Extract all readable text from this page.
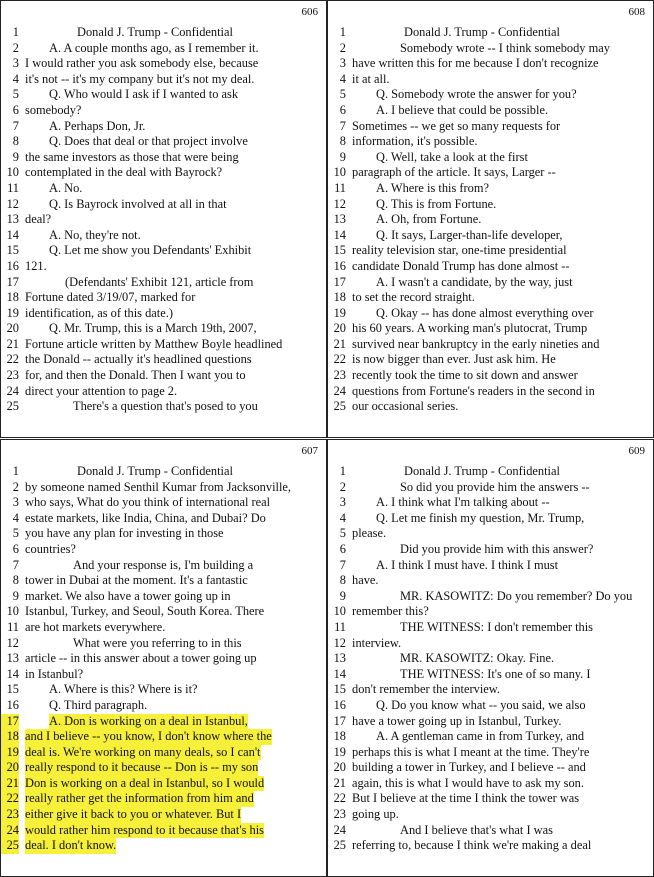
606
1	Donald J. Trump - Confidential
2 A. A couple months ago, as I remember it.
3 I would rather you ask somebody else, because
4 it's not -- it's my company but it's not my deal.
5 Q. Who would I ask if I wanted to ask
6 somebody?
7 A. Perhaps Don, Jr.
8 Q. Does that deal or that project involve
9 the same investors as those that were being
10 contemplated in the deal with Bayrock?
11 A. No.
12 Q. Is Bayrock involved at all in that
13 deal?
14 A. No, they're not.
15 Q. Let me show you Defendants' Exhibit
16 121.
17	(Defendants' Exhibit 121, article from
18 Fortune dated 3/19/07, marked for
19 identification, as of this date.)
20 Q. Mr. Trump, this is a March 19th, 2007,
21 Fortune article written by Matthew Boyle headlined
22 the Donald -- actually it's headlined questions
23 for, and then the Donald. Then I want you to
24 direct your attention to page 2.
25	There's a question that's posed to you
608
1	Donald J. Trump - Confidential
2	Somebody wrote -- I think somebody may
3 have written this for me because I don't recognize
4 it at all.
5 Q. Somebody wrote the answer for you?
6 A. I believe that could be possible.
7 Sometimes -- we get so many requests for
8 information, it's possible.
9 Q. Well, take a look at the first
10 paragraph of the article. It says, Larger --
11 A. Where is this from?
12 Q. This is from Fortune.
13 A. Oh, from Fortune.
14 Q. It says, Larger-than-life developer,
15 reality television star, one-time presidential
16 candidate Donald Trump has done almost --
17 A. I wasn't a candidate, by the way, just
18 to set the record straight.
19 Q. Okay -- has done almost everything over
20 his 60 years. A working man's plutocrat, Trump
21 survived near bankruptcy in the early nineties and
22 is now bigger than ever. Just ask him. He
23 recently took the time to sit down and answer
24 questions from Fortune's readers in the second in
25 our occasional series.
607
1	Donald J. Trump - Confidential
2 by someone named Senthil Kumar from Jacksonville,
3 who says, What do you think of international real
4 estate markets, like India, China, and Dubai? Do
5 you have any plan for investing in those
6 countries?
7	And your response is, I'm building a
8 tower in Dubai at the moment. It's a fantastic
9 market. We also have a tower going up in
10 Istanbul, Turkey, and Seoul, South Korea. There
11 are hot markets everywhere.
12	What were you referring to in this
13 article -- in this answer about a tower going up
14 in Istanbul?
15 A. Where is this? Where is it?
16 Q. Third paragraph.
17 A. Don is working on a deal in Istanbul,
18 and I believe -- you know, I don't know where the
19 deal is. We're working on many deals, so I can't
20 really respond to it because -- Don is -- my son
21 Don is working on a deal in Istanbul, so I would
22 really rather get the information from him and
23 either give it back to you or whatever. But I
24 would rather him respond to it because that's his
25 deal. I don't know.
609
1	Donald J. Trump - Confidential
2	So did you provide him the answers --
3 A. I think what I'm talking about --
4 Q. Let me finish my question, Mr. Trump,
5 please.
6	Did you provide him with this answer?
7 A. I think I must have. I think I must
8 have.
9	MR. KASOWITZ: Do you remember? Do you
10 remember this?
11	THE WITNESS: I don't remember this
12 interview.
13	MR. KASOWITZ: Okay. Fine.
14	THE WITNESS: It's one of so many. I
15 don't remember the interview.
16 Q. Do you know what -- you said, we also
17 have a tower going up in Istanbul, Turkey.
18 A. A gentleman came in from Turkey, and
19 perhaps this is what I meant at the time. They're
20 building a tower in Turkey, and I believe -- and
21 again, this is what I would have to ask my son.
22 But I believe at the time I think the tower was
23 going up.
24	And I believe that's what I was
25 referring to, because I think we're making a deal
